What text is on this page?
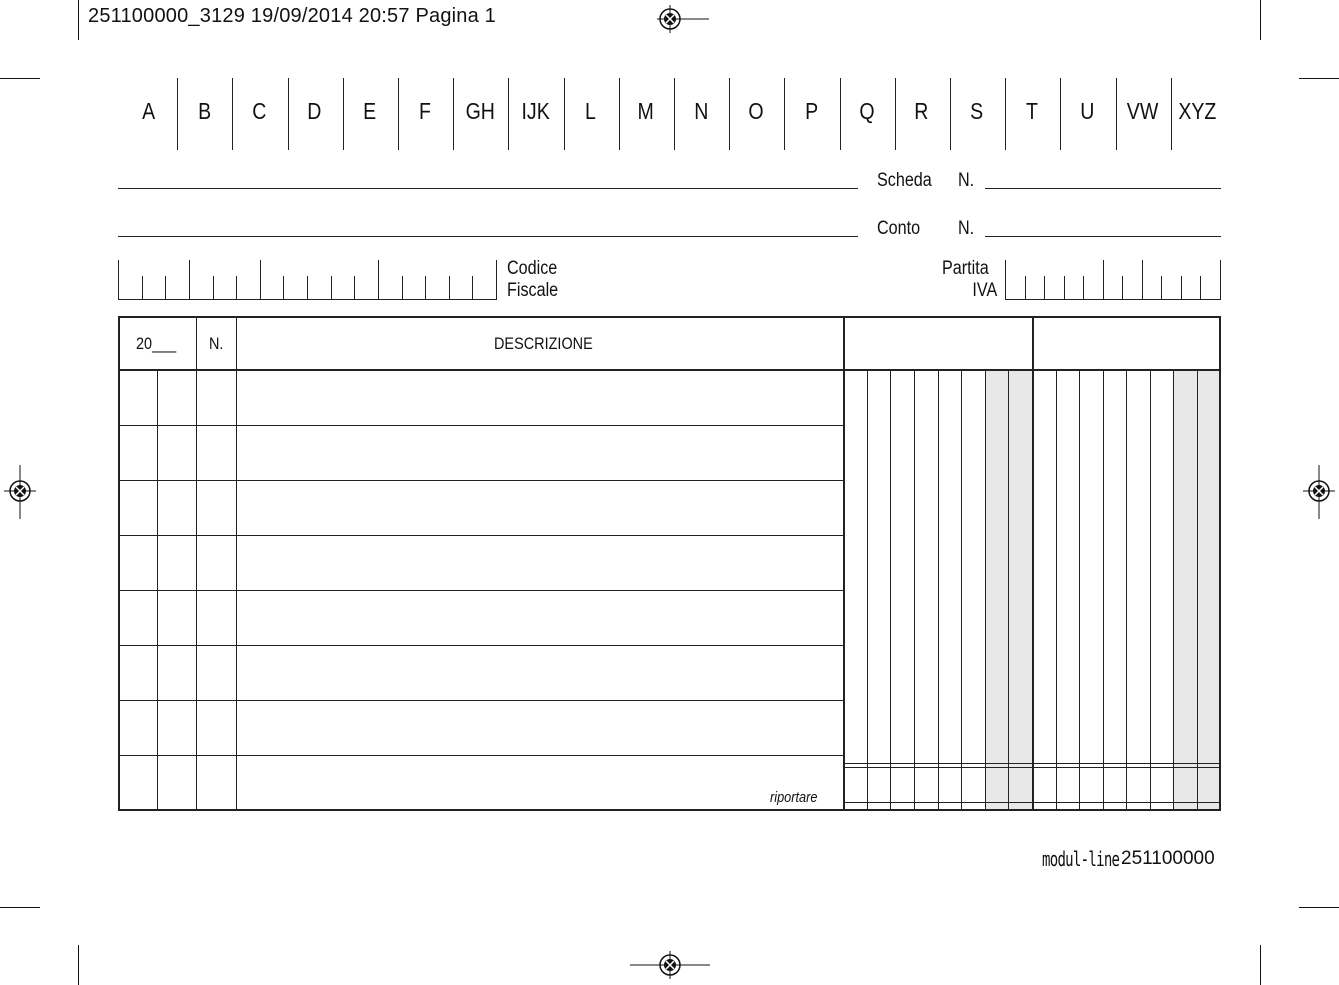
251100000_3129 19/09/2014 20:57 Pagina 1
A	B	C	D	E	F	GH	IJK	L	M	N	O	P	Q	R	S	T	U	VW XYZ
Scheda	N.
Conto	N.
Codice
Fiscale
Partita
IVA
20___	N.	DESCRIZIONE
riportare
modul-line 251100000
